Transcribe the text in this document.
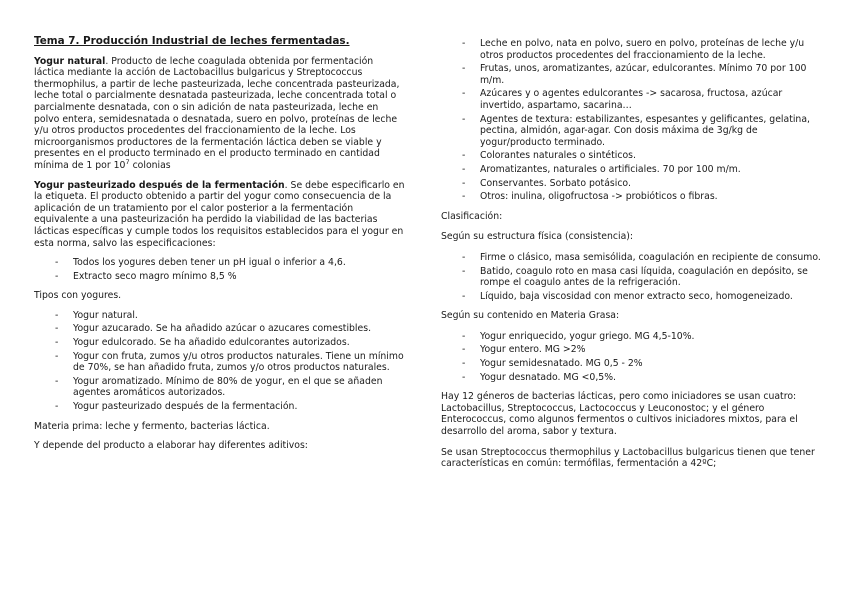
Tema 7. Producción Industrial de leches fermentadas.

Yogur natural. Producto de leche coagulada obtenida por fermentación láctica mediante la acción de Lactobacillus bulgaricus y Streptococcus thermophilus, a partir de leche pasteurizada, leche concentrada pasteurizada, leche total o parcialmente desnatada pasteurizada, leche concentrada total o parcialmente desnatada, con o sin adición de nata pasteurizada, leche en polvo entera, semidesnatada o desnatada, suero en polvo, proteínas de leche y/u otros productos procedentes del fraccionamiento de la leche. Los microorganismos productores de la fermentación láctica deben se viable y presentes en el producto terminado en el producto terminado en cantidad mínima de 1 por $10^7$ colonias

Yogur pasteurizado después de la fermentación. Se debe especificarlo en la etiqueta. El producto obtenido a partir del yogur como consecuencia de la aplicación de un tratamiento por el calor posterior a la fermentación equivalente a una pasteurización ha perdido la viabilidad de las bacterias lácticas específicas y cumple todos los requisitos establecidos para el yogur en esta norma, salvo las especificaciones:

- Todos los yogures deben tener un pH igual o inferior a 4,6.
- Extracto seco magro mínimo 8,5 %

Tipos con yogures.

- Yogur natural.
- Yogur azucarado. Se ha añadido azúcar o azucares comestibles.
- Yogur edulcorado. Se ha añadido edulcorantes autorizados.
- Yogur con fruta, zumos y/u otros productos naturales. Tiene un mínimo de 70%, se han añadido fruta, zumos y/o otros productos naturales.
- Yogur aromatizado. Mínimo de 80% de yogur, en el que se añaden agentes aromáticos autorizados.
- Yogur pasteurizado después de la fermentación.

Materia prima: leche y fermento, bacterias láctica.

Y depende del producto a elaborar hay diferentes aditivos:

- Leche en polvo, nata en polvo, suero en polvo, proteínas de leche y/u otros productos procedentes del fraccionamiento de la leche.
- Frutas, unos, aromatizantes, azúcar, edulcorantes. Mínimo 70 por 100 m/m.
- Azúcares y o agentes edulcorantes -> sacarosa, fructosa, azúcar invertido, aspartamo, sacarina…
- Agentes de textura: estabilizantes, espesantes y gelificantes, gelatina, pectina, almidón, agar-agar. Con dosis máxima de 3g/kg de yogur/producto terminado.
- Colorantes naturales o sintéticos.
- Aromatizantes, naturales o artificiales. 70 por 100 m/m.
- Conservantes. Sorbato potásico.
- Otros: inulina, oligofructosa -> probióticos o fibras.

Clasificación:

Según su estructura física (consistencia):

- Firme o clásico, masa semisólida, coagulación en recipiente de consumo.
- Batido, coagulo roto en masa casi líquida, coagulación en depósito, se rompe el coagulo antes de la refrigeración.
- Líquido, baja viscosidad con menor extracto seco, homogeneizado.

Según su contenido en Materia Grasa:

- Yogur enriquecido, yogur griego. MG 4,5-10%.
- Yogur entero. MG >2%
- Yogur semidesnatado. MG 0,5 - 2%
- Yogur desnatado. MG <0,5%.

Hay 12 géneros de bacterias lácticas, pero como iniciadores se usan cuatro: Lactobacillus, Streptococcus, Lactococcus y Leuconostoc; y el género Enterococcus, como algunos fermentos o cultivos iniciadores mixtos, para el desarrollo del aroma, sabor y textura.

Se usan Streptococcus thermophilus y Lactobacillus bulgaricus tienen que tener características en común: termófilas, fermentación a 42ºC;
